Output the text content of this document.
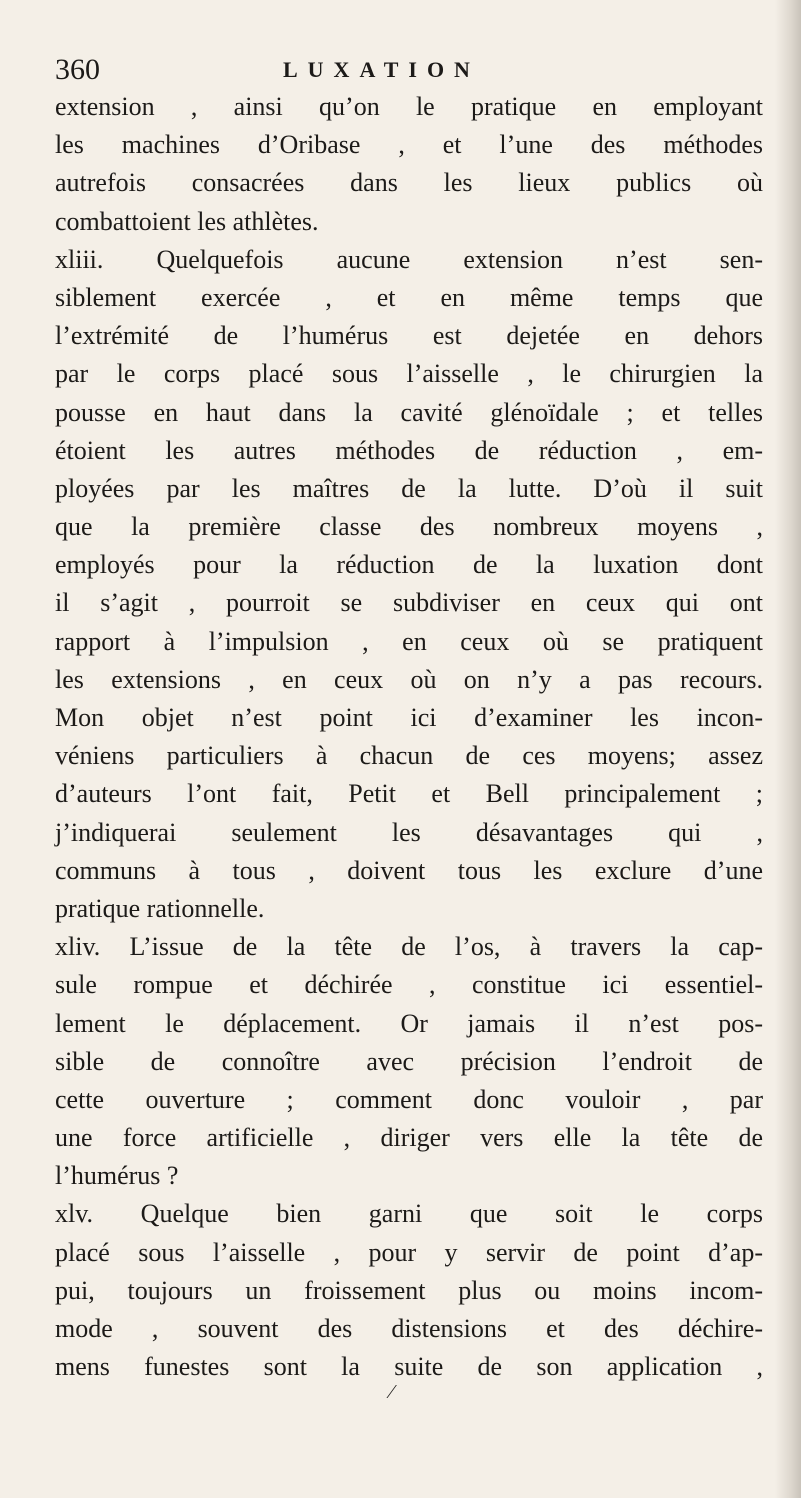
360	LUXATION
extension , ainsi qu’on le pratique en employant
les machines d’Oribase , et l’une des méthodes
autrefois consacrées dans les lieux publics où
combattoient les athlètes.
xliii. Quelquefois aucune extension n’est sen-
siblement exercée , et en même temps que
l’extrémité de l’humérus est dejetée en dehors
par le corps placé sous l’aisselle , le chirurgien la
pousse en haut dans la cavité glénoïdale ; et telles
étoient les autres méthodes de réduction , em-
ployées par les maîtres de la lutte. D’où il suit
que la première classe des nombreux moyens ,
employés pour la réduction de la luxation dont
il s’agit , pourroit se subdiviser en ceux qui ont
rapport à l’impulsion , en ceux où se pratiquent
les extensions , en ceux où on n’y a pas recours.
Mon objet n’est point ici d’examiner les incon-
véniens particuliers à chacun de ces moyens; assez
d’auteurs l’ont fait, Petit et Bell principalement ;
j’indiquerai seulement les désavantages qui ,
communs à tous , doivent tous les exclure d’une
pratique rationnelle.
xliv. L’issue de la tête de l’os, à travers la cap-
sule rompue et déchirée , constitue ici essentiel-
lement le déplacement. Or jamais il n’est pos-
sible de connoître avec précision l’endroit de
cette ouverture ; comment donc vouloir , par
une force artificielle , diriger vers elle la tête de
l’humérus ?
xlv. Quelque bien garni que soit le corps
placé sous l’aisselle , pour y servir de point d’ap-
pui, toujours un froissement plus ou moins incom-
mode , souvent des distensions et des déchire-
mens funestes sont la suite de son application ,
⁄
